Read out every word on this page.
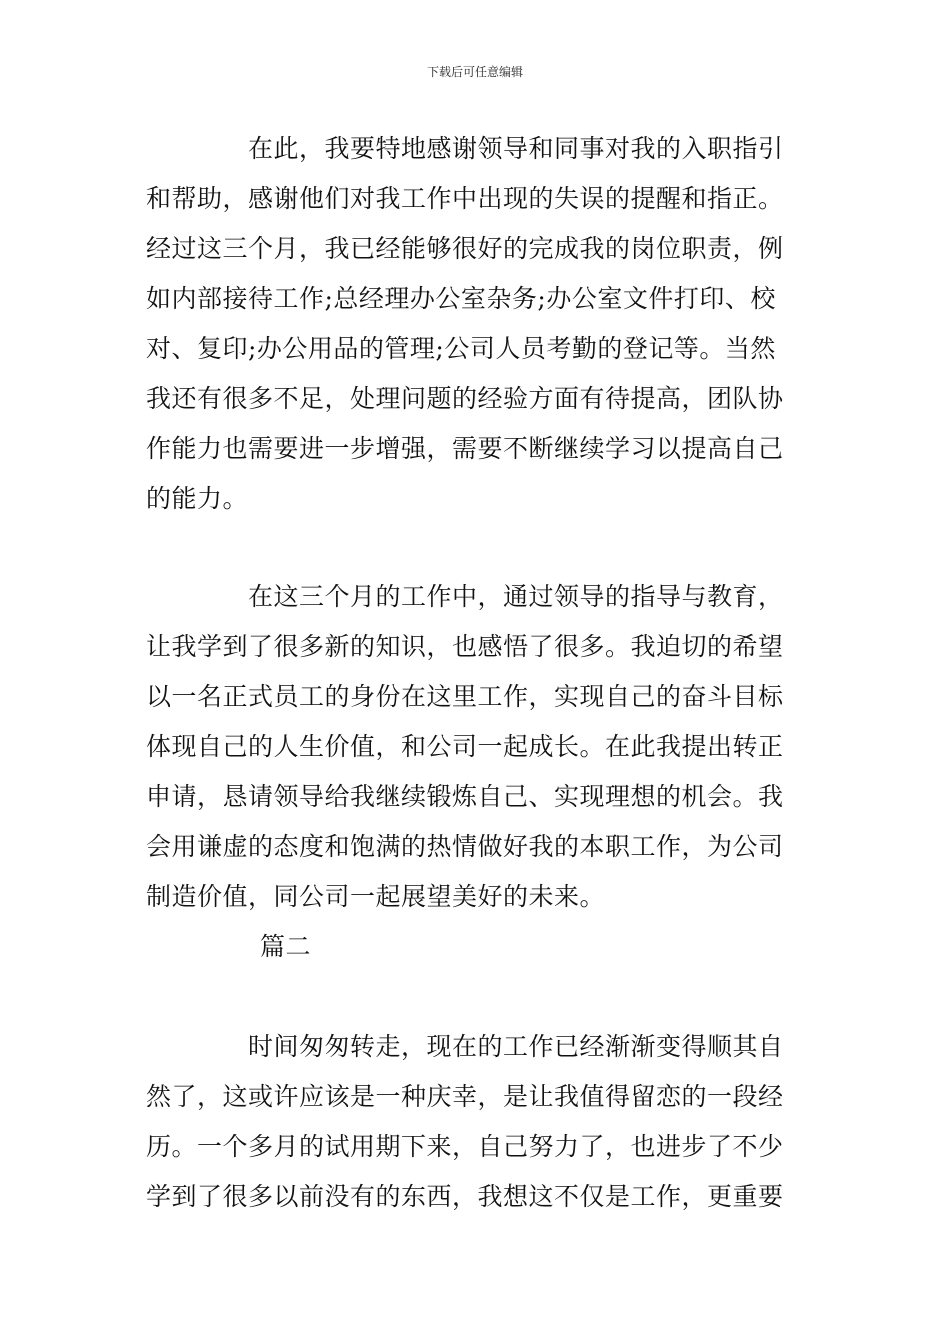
下载后可任意编辑
在此，我要特地感谢领导和同事对我的入职指引
和帮助，感谢他们对我工作中出现的失误的提醒和指正。
经过这三个月，我已经能够很好的完成我的岗位职责，例
如内部接待工作;总经理办公室杂务;办公室文件打印、校
对、复印;办公用品的管理;公司人员考勤的登记等。当然
我还有很多不足，处理问题的经验方面有待提高，团队协
作能力也需要进一步增强，需要不断继续学习以提高自己
的能力。
在这三个月的工作中，通过领导的指导与教育，
让我学到了很多新的知识，也感悟了很多。我迫切的希望
以一名正式员工的身份在这里工作，实现自己的奋斗目标
体现自己的人生价值，和公司一起成长。在此我提出转正
申请，恳请领导给我继续锻炼自己、实现理想的机会。我
会用谦虚的态度和饱满的热情做好我的本职工作，为公司
制造价值，同公司一起展望美好的未来。
篇二
时间匆匆转走，现在的工作已经渐渐变得顺其自
然了，这或许应该是一种庆幸，是让我值得留恋的一段经
历。一个多月的试用期下来，自己努力了，也进步了不少
学到了很多以前没有的东西，我想这不仅是工作，更重要
